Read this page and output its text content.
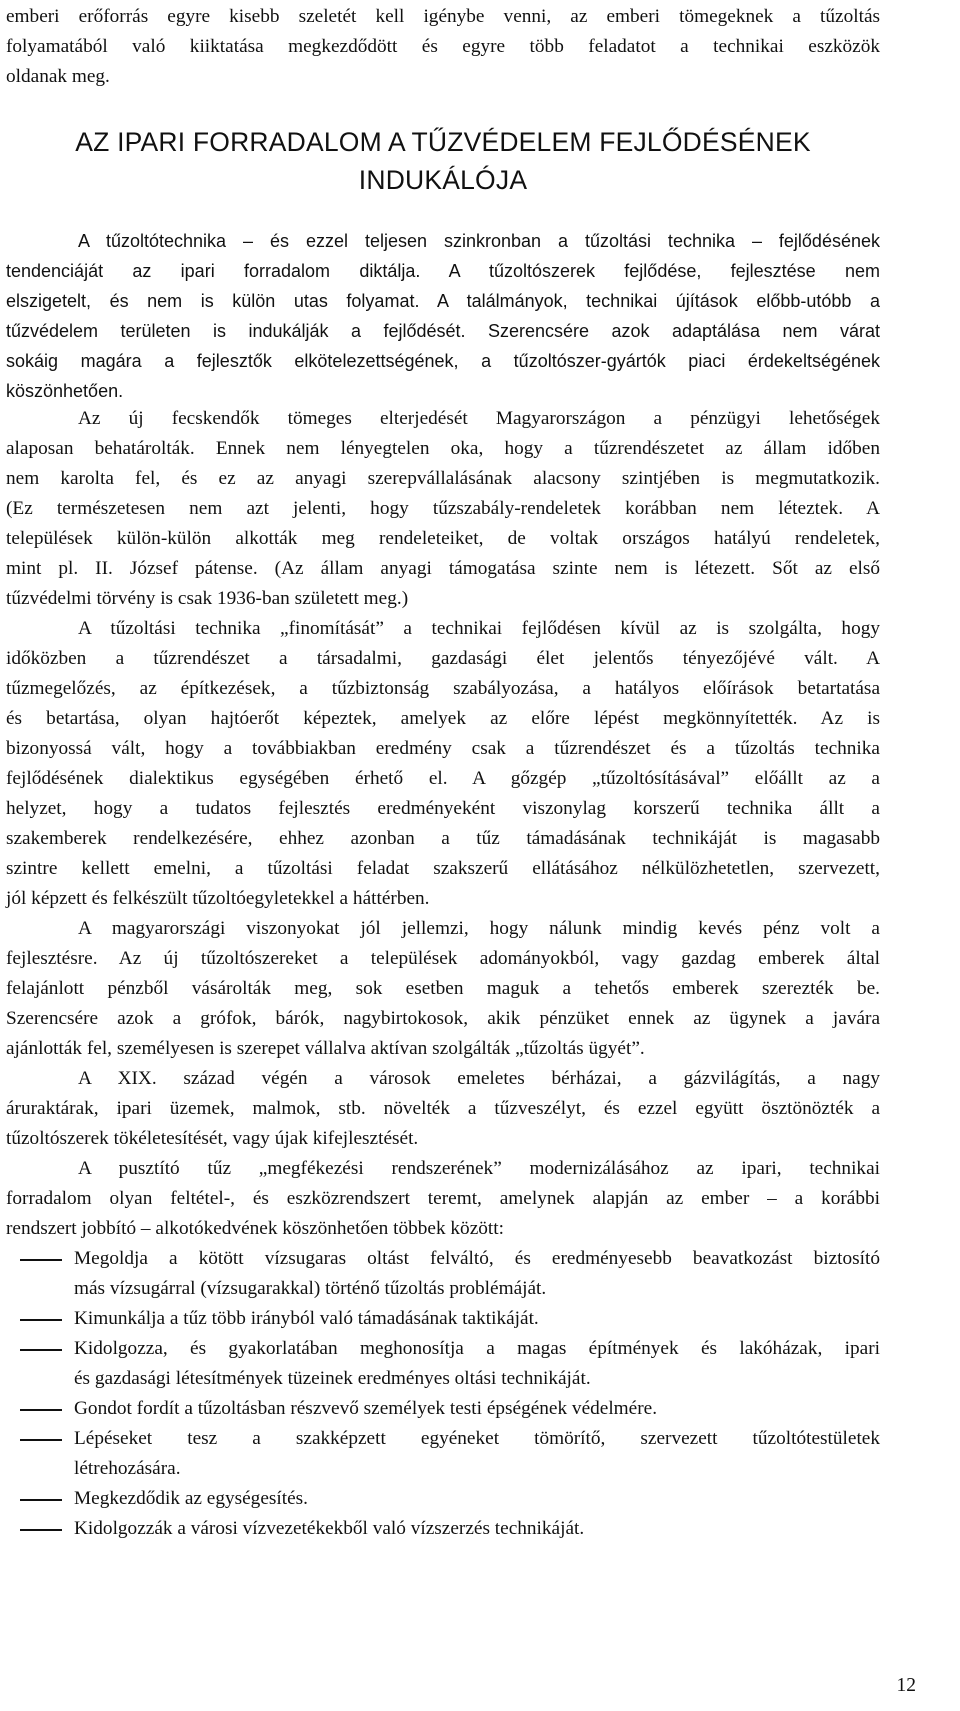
emberi erőforrás egyre kisebb szeletét kell igénybe venni, az emberi tömegeknek a tűzoltás
folyamatából való kiiktatása megkezdődött és egyre több feladatot a technikai eszközök
oldanak meg.
AZ IPARI FORRADALOM A TŰZVÉDELEM FEJLŐDÉSÉNEK
INDUKÁLÓJA
A tűzoltótechnika – és ezzel teljesen szinkronban a tűzoltási technika – fejlődésének
tendenciáját az ipari forradalom diktálja. A tűzoltószerek fejlődése, fejlesztése nem
elszigetelt, és nem is külön utas folyamat. A találmányok, technikai újítások előbb-utóbb a
tűzvédelem területen is indukálják a fejlődését. Szerencsére azok adaptálása nem várat
sokáig magára a fejlesztők elkötelezettségének, a tűzoltószer-gyártók piaci érdekeltségének
köszönhetően.
Az új fecskendők tömeges elterjedését Magyarországon a pénzügyi lehetőségek
alaposan behatárolták. Ennek nem lényegtelen oka, hogy a tűzrendészetet az állam időben
nem karolta fel, és ez az anyagi szerepvállalásának alacsony szintjében is megmutatkozik.
(Ez természetesen nem azt jelenti, hogy tűzszabály-rendeletek korábban nem léteztek. A
települések külön-külön alkották meg rendeleteiket, de voltak országos hatályú rendeletek,
mint pl. II. József pátense. (Az állam anyagi támogatása szinte nem is létezett. Sőt az első
tűzvédelmi törvény is csak 1936-ban született meg.)
A tűzoltási technika „finomítását” a technikai fejlődésen kívül az is szolgálta, hogy
időközben a tűzrendészet a társadalmi, gazdasági élet jelentős tényezőjévé vált. A
tűzmegelőzés, az építkezések, a tűzbiztonság szabályozása, a hatályos előírások betartatása
és betartása, olyan hajtóerőt képeztek, amelyek az előre lépést megkönnyítették. Az is
bizonyossá vált, hogy a továbbiakban eredmény csak a tűzrendészet és a tűzoltás technika
fejlődésének dialektikus egységében érhető el. A gőzgép „tűzoltósításával” előállt az a
helyzet, hogy a tudatos fejlesztés eredményeként viszonylag korszerű technika állt a
szakemberek rendelkezésére, ehhez azonban a tűz támadásának technikáját is magasabb
szintre kellett emelni, a tűzoltási feladat szakszerű ellátásához nélkülözhetetlen, szervezett,
jól képzett és felkészült tűzoltóegyletekkel a háttérben.
A magyarországi viszonyokat jól jellemzi, hogy nálunk mindig kevés pénz volt a
fejlesztésre. Az új tűzoltószereket a települések adományokból, vagy gazdag emberek által
felajánlott pénzből vásárolták meg, sok esetben maguk a tehetős emberek szerezték be.
Szerencsére azok a grófok, bárók, nagybirtokosok, akik pénzüket ennek az ügynek a javára
ajánlották fel, személyesen is szerepet vállalva aktívan szolgálták „tűzoltás ügyét”.
A XIX. század végén a városok emeletes bérházai, a gázvilágítás, a nagy
áruraktárak, ipari üzemek, malmok, stb. növelték a tűzveszélyt, és ezzel együtt ösztönözték a
tűzoltószerek tökéletesítését, vagy újak kifejlesztését.
A pusztító tűz „megfékezési rendszerének” modernizálásához az ipari, technikai
forradalom olyan feltétel-, és eszközrendszert teremt, amelynek alapján az ember – a korábbi
rendszert jobbító – alkotókedvének köszönhetően többek között:
Megoldja a kötött vízsugaras oltást felváltó, és eredményesebb beavatkozást biztosító
más vízsugárral (vízsugarakkal) történő tűzoltás problémáját.
Kimunkálja a tűz több irányból való támadásának taktikáját.
Kidolgozza, és gyakorlatában meghonosítja a magas építmények és lakóházak, ipari
és gazdasági létesítmények tüzeinek eredményes oltási technikáját.
Gondot fordít a tűzoltásban részvevő személyek testi épségének védelmére.
Lépéseket tesz a szakképzett egyéneket tömörítő, szervezett tűzoltótestületek
létrehozására.
Megkezdődik az egységesítés.
Kidolgozzák a városi vízvezetékekből való vízszerzés technikáját.
12
